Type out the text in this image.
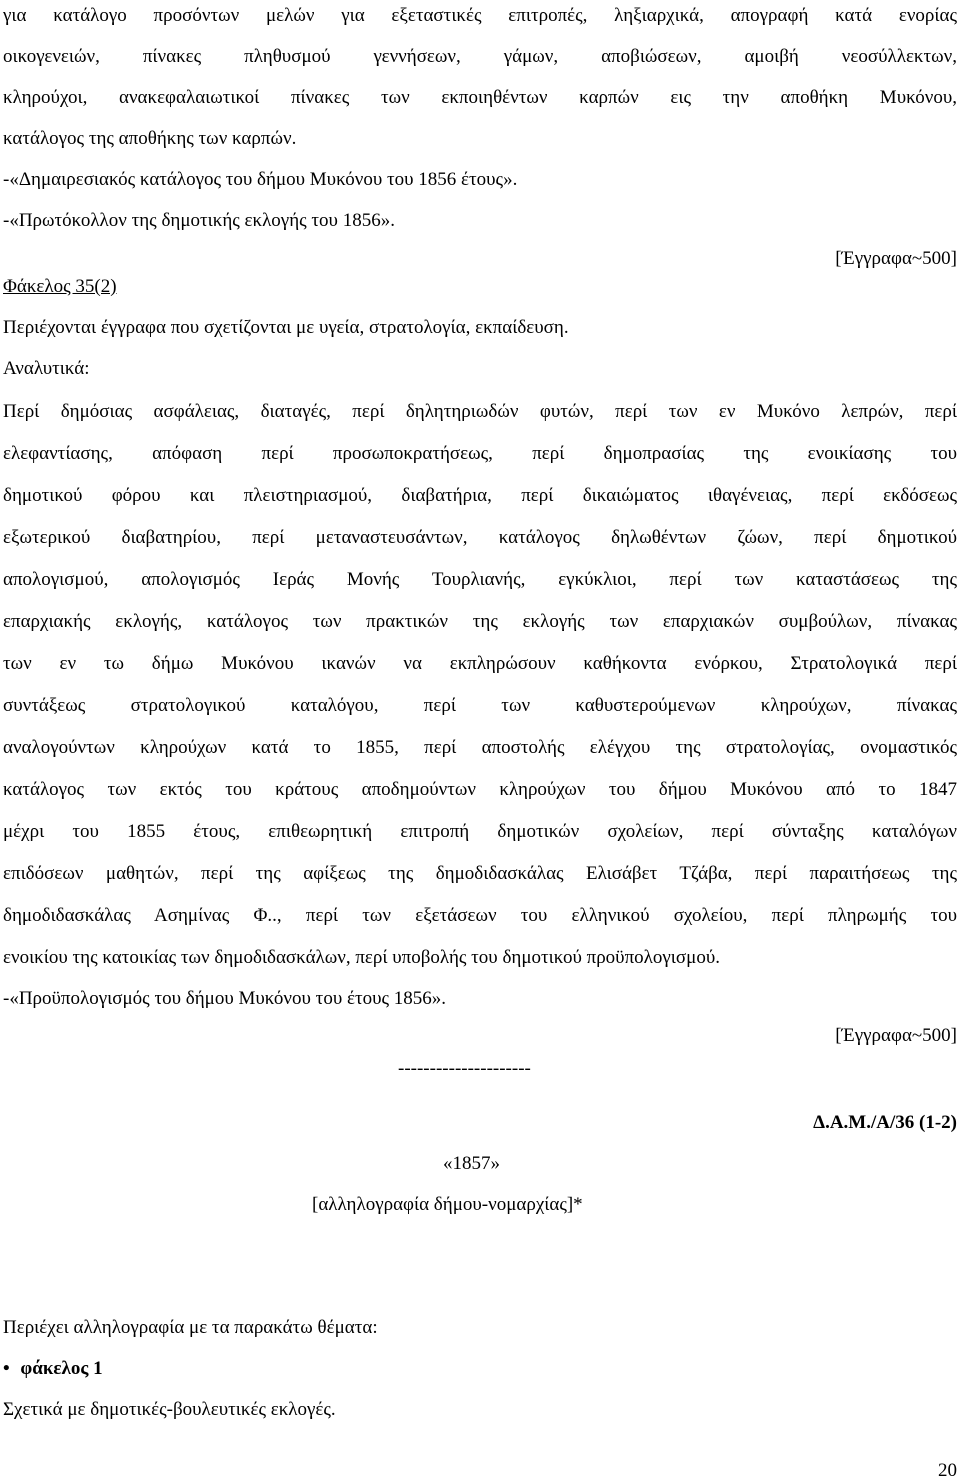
για κατάλογο προσόντων μελών για εξεταστικές επιτροπές, ληξιαρχικά, απογραφή κατά ενορίας
οικογενειών, πίνακες πληθυσμού γεννήσεων, γάμων, αποβιώσεων, αμοιβή νεοσύλλεκτων,
κληρούχοι, ανακεφαλαιωτικοί πίνακες των εκποιηθέντων καρπών εις την αποθήκη Μυκόνου,
κατάλογος της αποθήκης των καρπών.
-«Δημαιρεσιακός κατάλογος του δήμου Μυκόνου του 1856 έτους».
-«Πρωτόκολλον της δημοτικής εκλογής του 1856».
[Έγγραφα~500]
Φάκελος 35(2)
Περιέχονται έγγραφα που σχετίζονται με υγεία, στρατολογία, εκπαίδευση.
Αναλυτικά:
Περί δημόσιας ασφάλειας, διαταγές, περί δηλητηριωδών φυτών, περί των εν Μυκόνο λεπρών, περί
ελεφαντίασης, απόφαση περί προσωποκρατήσεως, περί δημοπρασίας της ενοικίασης του
δημοτικού φόρου και πλειστηριασμού, διαβατήρια, περί δικαιώματος ιθαγένειας, περί εκδόσεως
εξωτερικού διαβατηρίου, περί μεταναστευσάντων, κατάλογος δηλωθέντων ζώων, περί δημοτικού
απολογισμού, απολογισμός Ιεράς Μονής Τουρλιανής, εγκύκλιοι, περί των καταστάσεως της
επαρχιακής εκλογής, κατάλογος των πρακτικών της εκλογής των επαρχιακών συμβούλων, πίνακας
των εν τω δήμω Μυκόνου ικανών να εκπληρώσουν καθήκοντα ενόρκου, Στρατολογικά περί
συντάξεως στρατολογικού καταλόγου, περί των καθυστερούμενων κληρούχων, πίνακας
αναλογούντων κληρούχων κατά το 1855, περί αποστολής ελέγχου της στρατολογίας, ονομαστικός
κατάλογος των εκτός του κράτους αποδημούντων κληρούχων του δήμου Μυκόνου από το 1847
μέχρι του 1855 έτους, επιθεωρητική επιτροπή δημοτικών σχολείων, περί σύνταξης καταλόγων
επιδόσεων μαθητών, περί της αφίξεως της δημοδιδασκάλας Ελισάβετ Τζάβα, περί παραιτήσεως της
δημοδιδασκάλας Ασημίνας Φ.., περί των εξετάσεων του ελληνικού σχολείου, περί πληρωμής του
ενοικίου της κατοικίας των δημοδιδασκάλων, περί υποβολής του δημοτικού προϋπολογισμού.
-«Προϋπολογισμός του δήμου Μυκόνου του έτους 1856».
[Έγγραφα~500]
---------------------
Δ.Α.Μ./Α/36 (1-2)
«1857»
[αλληλογραφία δήμου-νομαρχίας]*
Περιέχει αλληλογραφία με τα παρακάτω θέματα:
• φάκελος 1
Σχετικά με δημοτικές-βουλευτικές εκλογές.
20
